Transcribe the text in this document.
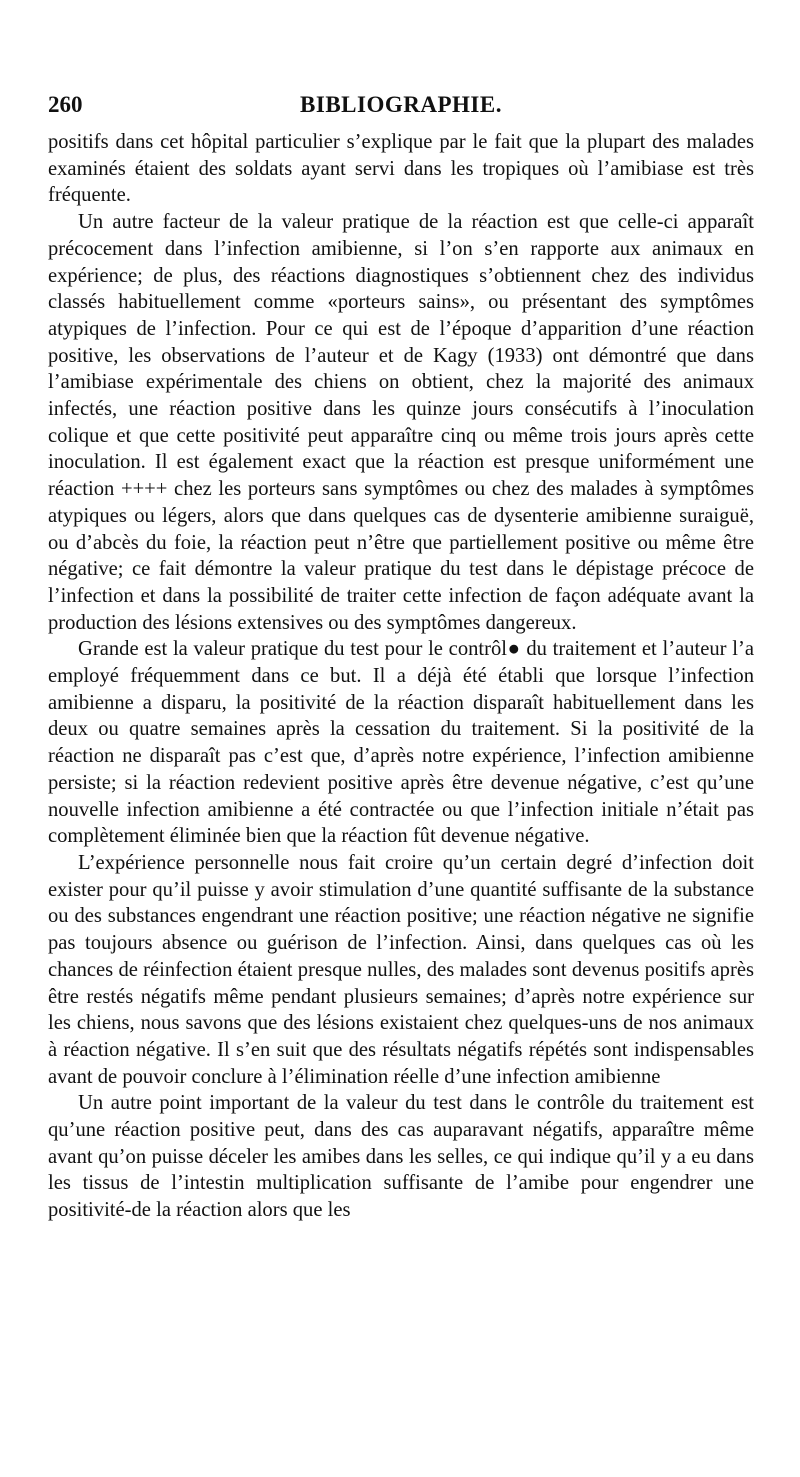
260	BIBLIOGRAPHIE.

positifs dans cet hôpital particulier s’explique par le fait que la plupart des malades examinés étaient des soldats ayant servi dans les tropiques où l’amibiase est très fréquente.

Un autre facteur de la valeur pratique de la réaction est que celle-ci apparaît précocement dans l’infection amibienne, si l’on s’en rapporte aux animaux en expérience; de plus, des réactions diagnostiques s’obtiennent chez des individus classés habituellement comme «porteurs sains», ou présentant des symptômes atypiques de l’infection. Pour ce qui est de l’époque d’apparition d’une réaction positive, les observations de l’auteur et de Kagy (1933) ont démontré que dans l’amibiase expérimentale des chiens on obtient, chez la majorité des animaux infectés, une réaction positive dans les quinze jours consécutifs à l’inoculation colique et que cette positivité peut apparaître cinq ou même trois jours après cette inoculation. Il est également exact que la réaction est presque uniformément une réaction ++++ chez les porteurs sans symptômes ou chez des malades à symptômes atypiques ou légers, alors que dans quelques cas de dysenterie amibienne suraiguë, ou d’abcès du foie, la réaction peut n’être que partiellement positive ou même être négative; ce fait démontre la valeur pratique du test dans le dépistage précoce de l’infection et dans la possibilité de traiter cette infection de façon adéquate avant la production des lésions extensives ou des symptômes dangereux.

Grande est la valeur pratique du test pour le contrôl● du traitement et l’auteur l’a employé fréquemment dans ce but. Il a déjà été établi que lorsque l’infection amibienne a disparu, la positivité de la réaction disparaît habituellement dans les deux ou quatre semaines après la cessation du traitement. Si la positivité de la réaction ne disparaît pas c’est que, d’après notre expérience, l’infection amibienne persiste; si la réaction redevient positive après être devenue négative, c’est qu’une nouvelle infection amibienne a été contractée ou que l’infection initiale n’était pas complètement éliminée bien que la réaction fût devenue négative.

L’expérience personnelle nous fait croire qu’un certain degré d’infection doit exister pour qu’il puisse y avoir stimulation d’une quantité suffisante de la substance ou des substances engendrant une réaction positive; une réaction négative ne signifie pas toujours absence ou guérison de l’infection. Ainsi, dans quelques cas où les chances de réinfection étaient presque nulles, des malades sont devenus positifs après être restés négatifs même pendant plusieurs semaines; d’après notre expérience sur les chiens, nous savons que des lésions existaient chez quelques-uns de nos animaux à réaction négative. Il s’en suit que des résultats négatifs répétés sont indispensables avant de pouvoir conclure à l’élimination réelle d’une infection amibienne

Un autre point important de la valeur du test dans le contrôle du traitement est qu’une réaction positive peut, dans des cas auparavant négatifs, apparaître même avant qu’on puisse déceler les amibes dans les selles, ce qui indique qu’il y a eu dans les tissus de l’intestin multiplication suffisante de l’amibe pour engendrer une positivité-de la réaction alors que les
